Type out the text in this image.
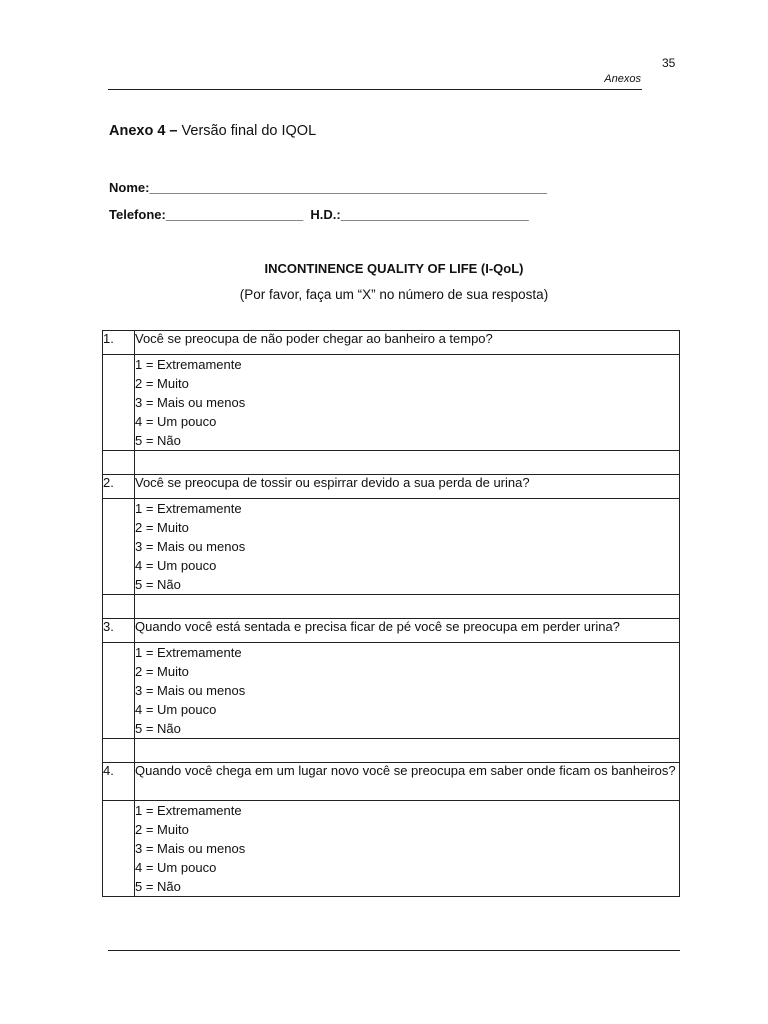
35
Anexos
Anexo 4 – Versão final do IQOL
Nome:_______________________________________________________
Telefone:___________________  H.D.:__________________________
INCONTINENCE QUALITY OF LIFE (I-QoL)
(Por favor, faça um “X” no número de sua resposta)
1.	Você se preocupa de não poder chegar ao banheiro a tempo?

	1 = Extremamente
2 = Muito
3 = Mais ou menos
4 = Um pouco
5 = Não

2.	Você se preocupa de tossir ou espirrar devido a sua perda de urina?

	1 = Extremamente
2 = Muito
3 = Mais ou menos
4 = Um pouco
5 = Não

3.	Quando você está sentada e precisa ficar de pé você se preocupa em perder urina?

	1 = Extremamente
2 = Muito
3 = Mais ou menos
4 = Um pouco
5 = Não

4.	Quando você chega em um lugar novo você se preocupa em saber onde ficam os banheiros?

	1 = Extremamente
2 = Muito
3 = Mais ou menos
4 = Um pouco
5 = Não
